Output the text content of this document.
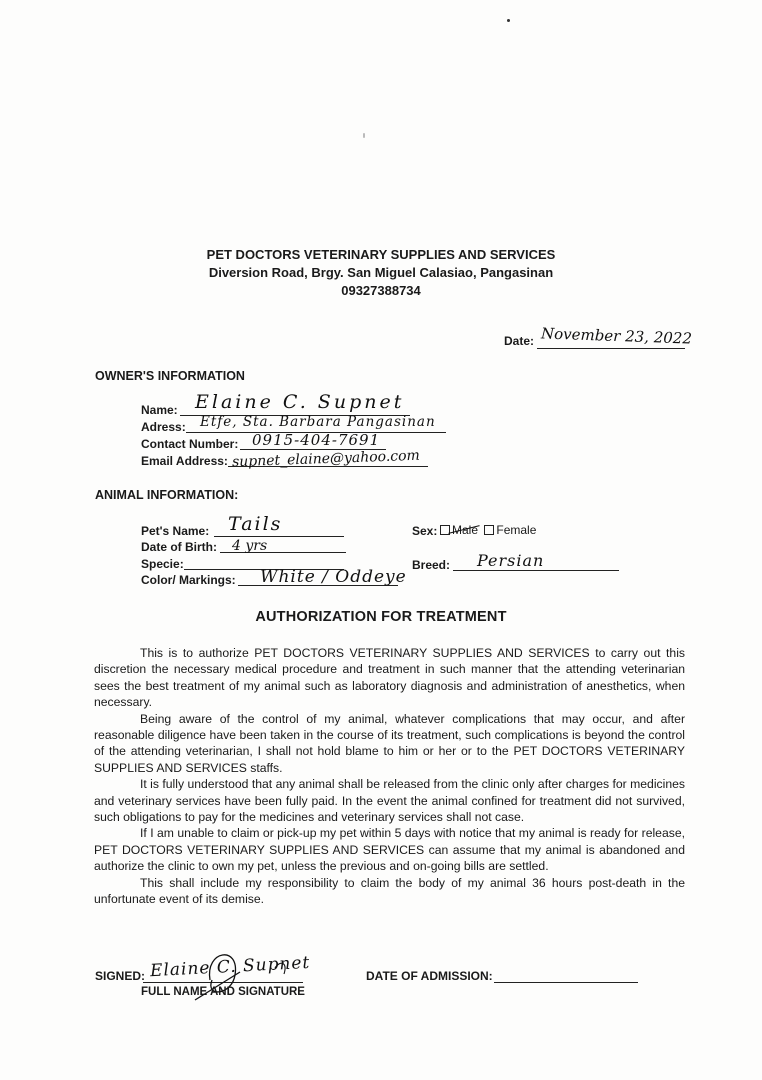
PET DOCTORS VETERINARY SUPPLIES AND SERVICES
Diversion Road, Brgy. San Miguel Calasiao, Pangasinan
09327388734
Date: November 23, 2022
OWNER'S INFORMATION
Name: Elaine C. Supnet
Adress: Etfe, Sta. Barbara Pangasinan
Contact Number: 0915-404-7691
Email Address: supnet_elaine@yahoo.com
ANIMAL INFORMATION:
Pet's Name: Tails
Date of Birth: 4 yrs
Specie:
Color/ Markings: White / Oddeye
Sex:	Male Female
Breed: Persian
AUTHORIZATION FOR TREATMENT

This is to authorize PET DOCTORS VETERINARY SUPPLIES AND SERVICES to carry out this discretion the necessary medical procedure and treatment in such manner that the attending veterinarian sees the best treatment of my animal such as laboratory diagnosis and administration of anesthetics, when necessary.

Being aware of the control of my animal, whatever complications that may occur, and after reasonable diligence have been taken in the course of its treatment, such complications is beyond the control of the attending veterinarian, I shall not hold blame to him or her or to the PET DOCTORS VETERINARY SUPPLIES AND SERVICES staffs.

It is fully understood that any animal shall be released from the clinic only after charges for medicines and veterinary services have been fully paid. In the event the animal confined for treatment did not survived, such obligations to pay for the medicines and veterinary services shall not case.

If I am unable to claim or pick-up my pet within 5 days with notice that my animal is ready for release, PET DOCTORS VETERINARY SUPPLIES AND SERVICES can assume that my animal is abandoned and authorize the clinic to own my pet, unless the previous and on-going bills are settled.

This shall include my responsibility to claim the body of my animal 36 hours post-death in the unfortunate event of its demise.

SIGNED: Elaine C. Supnet
FULL NAME AND SIGNATURE
DATE OF ADMISSION:
